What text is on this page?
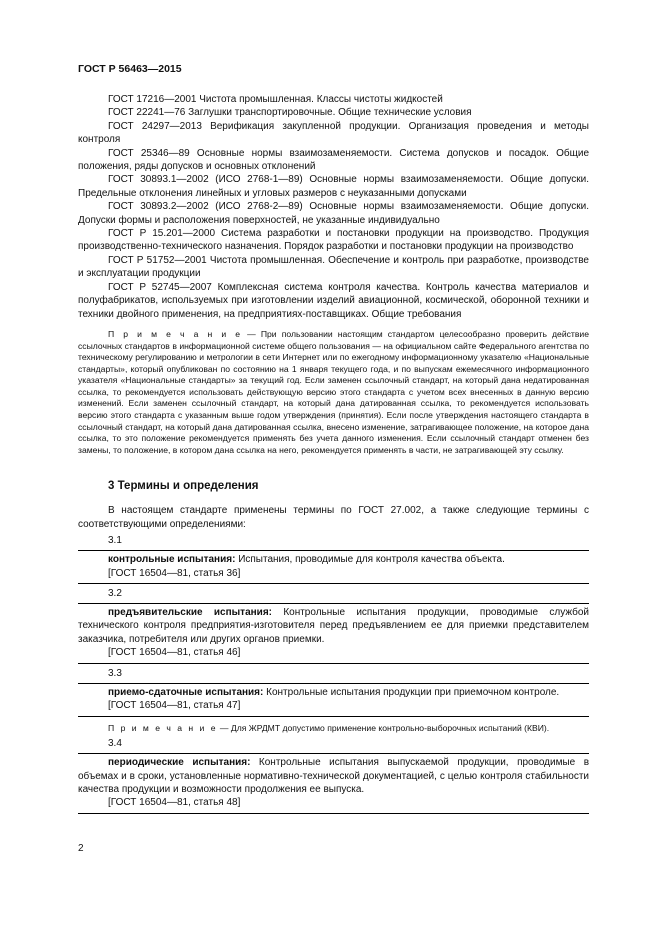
ГОСТ Р 56463—2015

ГОСТ 17216—2001 Чистота промышленная. Классы чистоты жидкостей

ГОСТ 22241—76 Заглушки транспортировочные. Общие технические условия

ГОСТ 24297—2013 Верификация закупленной продукции. Организация проведения и методы контроля

ГОСТ 25346—89 Основные нормы взаимозаменяемости. Система допусков и посадок. Общие положения, ряды допусков и основных отклонений

ГОСТ 30893.1—2002 (ИСО 2768-1—89) Основные нормы взаимозаменяемости. Общие допуски. Предельные отклонения линейных и угловых размеров с неуказанными допусками

ГОСТ 30893.2—2002 (ИСО 2768-2—89) Основные нормы взаимозаменяемости. Общие допуски. Допуски формы и расположения поверхностей, не указанные индивидуально

ГОСТ Р 15.201—2000 Система разработки и постановки продукции на производство. Продукция производственно-технического назначения. Порядок разработки и постановки продукции на производство

ГОСТ Р 51752—2001 Чистота промышленная. Обеспечение и контроль при разработке, производстве и эксплуатации продукции

ГОСТ Р 52745—2007 Комплексная система контроля качества. Контроль качества материалов и полуфабрикатов, используемых при изготовлении изделий авиационной, космической, оборонной техники и техники двойного применения, на предприятиях-поставщиках. Общие требования

П р и м е ч а н и е — При пользовании настоящим стандартом целесообразно проверить действие ссылочных стандартов в информационной системе общего пользования — на официальном сайте Федерального агентства по техническому регулированию и метрологии в сети Интернет или по ежегодному информационному указателю «Национальные стандарты», который опубликован по состоянию на 1 января текущего года, и по выпускам ежемесячного информационного указателя «Национальные стандарты» за текущий год. Если заменен ссылочный стандарт, на который дана недатированная ссылка, то рекомендуется использовать действующую версию этого стандарта с учетом всех внесенных в данную версию изменений. Если заменен ссылочный стандарт, на который дана датированная ссылка, то рекомендуется использовать версию этого стандарта с указанным выше годом утверждения (принятия). Если после утверждения настоящего стандарта в ссылочный стандарт, на который дана датированная ссылка, внесено изменение, затрагивающее положение, на которое дана ссылка, то это положение рекомендуется применять без учета данного изменения. Если ссылочный стандарт отменен без замены, то положение, в котором дана ссылка на него, рекомендуется применять в части, не затрагивающей эту ссылку.

3 Термины и определения

В настоящем стандарте применены термины по ГОСТ 27.002, а также следующие термины с соответствующими определениями:

3.1

контрольные испытания: Испытания, проводимые для контроля качества объекта.

[ГОСТ 16504—81, статья 36]

3.2

предъявительские испытания: Контрольные испытания продукции, проводимые службой технического контроля предприятия-изготовителя перед предъявлением ее для приемки представителем заказчика, потребителя или других органов приемки.

[ГОСТ 16504—81, статья 46]

3.3

приемо-сдаточные испытания: Контрольные испытания продукции при приемочном контроле.

[ГОСТ 16504—81, статья 47]

П р и м е ч а н и е — Для ЖРДМТ допустимо применение контрольно-выборочных испытаний (КВИ).

3.4

периодические испытания: Контрольные испытания выпускаемой продукции, проводимые в объемах и в сроки, установленные нормативно-технической документацией, с целью контроля стабильности качества продукции и возможности продолжения ее выпуска.

[ГОСТ 16504—81, статья 48]

2
